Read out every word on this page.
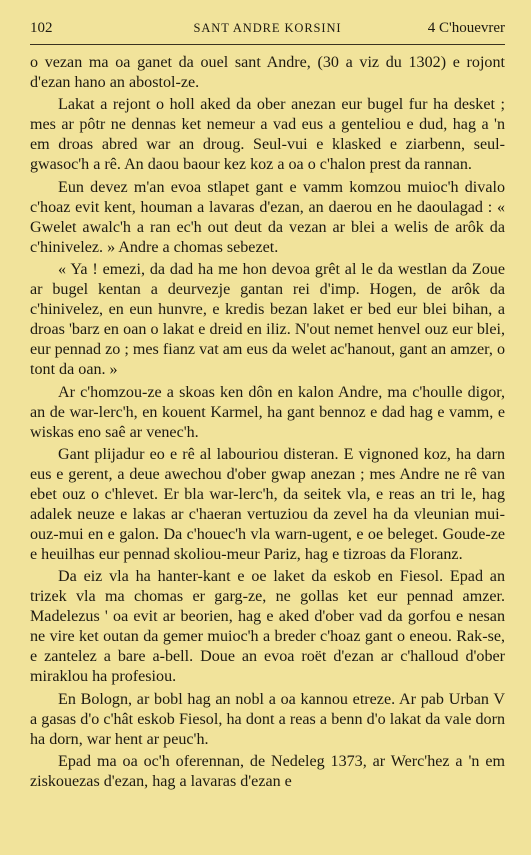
102	SANT ANDRE KORSINI	4 C'houevrer

o vezan ma oa ganet da ouel sant Andre, (30 a viz du 1302) e rojont d'ezan hano an abostol-ze.

Lakat a rejont o holl aked da ober anezan eur bugel fur ha desket ; mes ar pôtr ne dennas ket nemeur a vad eus a genteliou e dud, hag a 'n em droas abred war an droug. Seul-vui e klasked e ziarbenn, seul-gwasoc'h a rê. An daou baour kez koz a oa o c'halon prest da rannan.

Eun devez m'an evoa stlapet gant e vamm komzou muioc'h divalo c'hoaz evit kent, houman a lavaras d'ezan, an daerou en he daoulagad : « Gwelet awalc'h a ran ec'h out deut da vezan ar blei a welis de arôk da c'hinivelez. » Andre a chomas sebezet.

« Ya ! emezi, da dad ha me hon devoa grêt al le da westlan da Zoue ar bugel kentan a deurvezje gantan rei d'imp. Hogen, de arôk da c'hinivelez, en eun hunvre, e kredis bezan laket er bed eur blei bihan, a droas 'barz en oan o lakat e dreid en iliz. N'out nemet henvel ouz eur blei, eur pennad zo ; mes fianz vat am eus da welet ac'hanout, gant an amzer, o tont da oan. »

Ar c'homzou-ze a skoas ken dôn en kalon Andre, ma c'houlle digor, an de war-lerc'h, en kouent Karmel, ha gant bennoz e dad hag e vamm, e wiskas eno saê ar venec'h.

Gant plijadur eo e rê al labouriou disteran. E vignoned koz, ha darn eus e gerent, a deue awechou d'ober gwap anezan ; mes Andre ne rê van ebet ouz o c'hlevet. Er bla war-lerc'h, da seitek vla, e reas an tri le, hag adalek neuze e lakas ar c'haeran vertuziou da zevel ha da vleunian mui-ouz-mui en e galon. Da c'houec'h vla warn-ugent, e oe beleget. Goude-ze e heuilhas eur pennad skoliou-meur Pariz, hag e tizroas da Floranz.

Da eiz vla ha hanter-kant e oe laket da eskob en Fiesol. Epad an trizek vla ma chomas er garg-ze, ne gollas ket eur pennad amzer. Madelezus ' oa evit ar beorien, hag e aked d'ober vad da gorfou e nesan ne vire ket outan da gemer muioc'h a breder c'hoaz gant o eneou. Rak-se, e zantelez a bare a-bell. Doue an evoa roët d'ezan ar c'halloud d'ober miraklou ha profesiou.

En Bologn, ar bobl hag an nobl a oa kannou etreze. Ar pab Urban V a gasas d'o c'hât eskob Fiesol, ha dont a reas a benn d'o lakat da vale dorn ha dorn, war hent ar peuc'h.

Epad ma oa oc'h oferennan, de Nedeleg 1373, ar Werc'hez a 'n em ziskouezas d'ezan, hag a lavaras d'ezan e
